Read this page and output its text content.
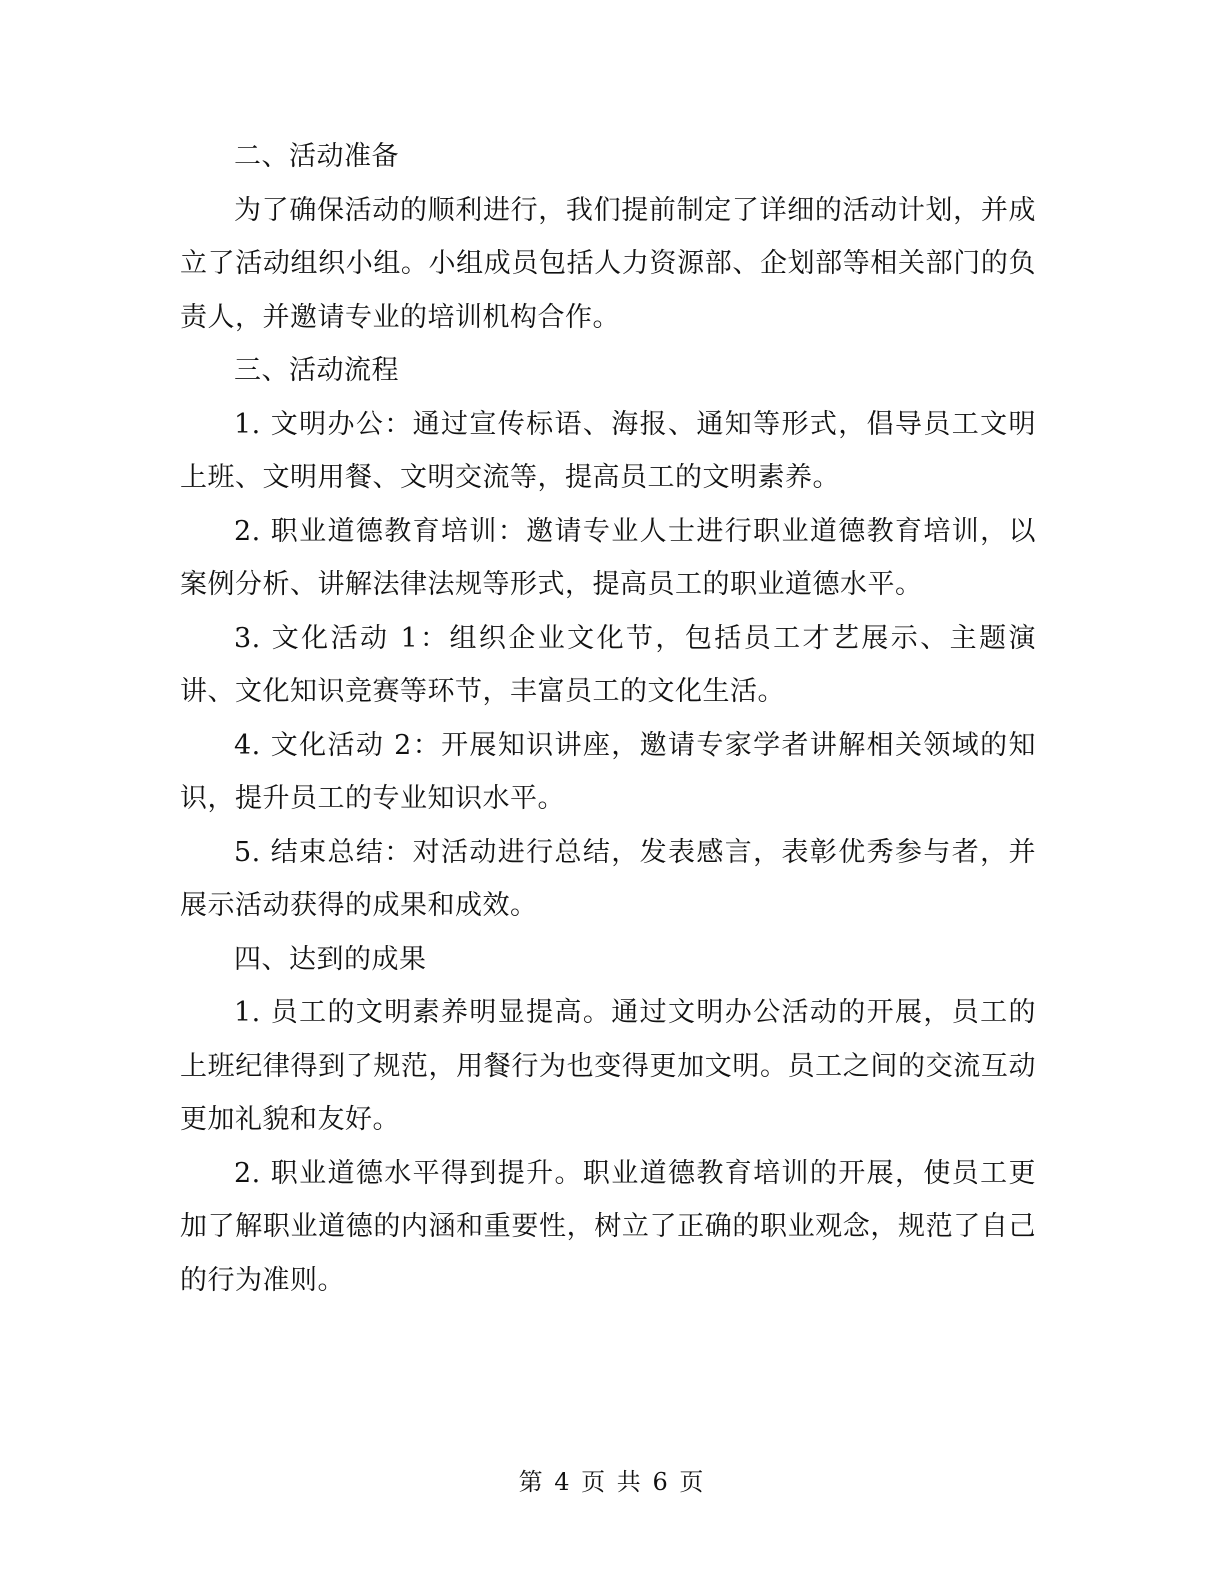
二、活动准备

为了确保活动的顺利进行，我们提前制定了详细的活动计划，并成立了活动组织小组。小组成员包括人力资源部、企划部等相关部门的负责人，并邀请专业的培训机构合作。

三、活动流程

1. 文明办公：通过宣传标语、海报、通知等形式，倡导员工文明上班、文明用餐、文明交流等，提高员工的文明素养。

2. 职业道德教育培训：邀请专业人士进行职业道德教育培训，以案例分析、讲解法律法规等形式，提高员工的职业道德水平。

3. 文化活动 1：组织企业文化节，包括员工才艺展示、主题演讲、文化知识竞赛等环节，丰富员工的文化生活。

4. 文化活动 2：开展知识讲座，邀请专家学者讲解相关领域的知识，提升员工的专业知识水平。

5. 结束总结：对活动进行总结，发表感言，表彰优秀参与者，并展示活动获得的成果和成效。

四、达到的成果

1. 员工的文明素养明显提高。通过文明办公活动的开展，员工的上班纪律得到了规范，用餐行为也变得更加文明。员工之间的交流互动更加礼貌和友好。

2. 职业道德水平得到提升。职业道德教育培训的开展，使员工更加了解职业道德的内涵和重要性，树立了正确的职业观念，规范了自己的行为准则。

第 4 页 共 6 页
